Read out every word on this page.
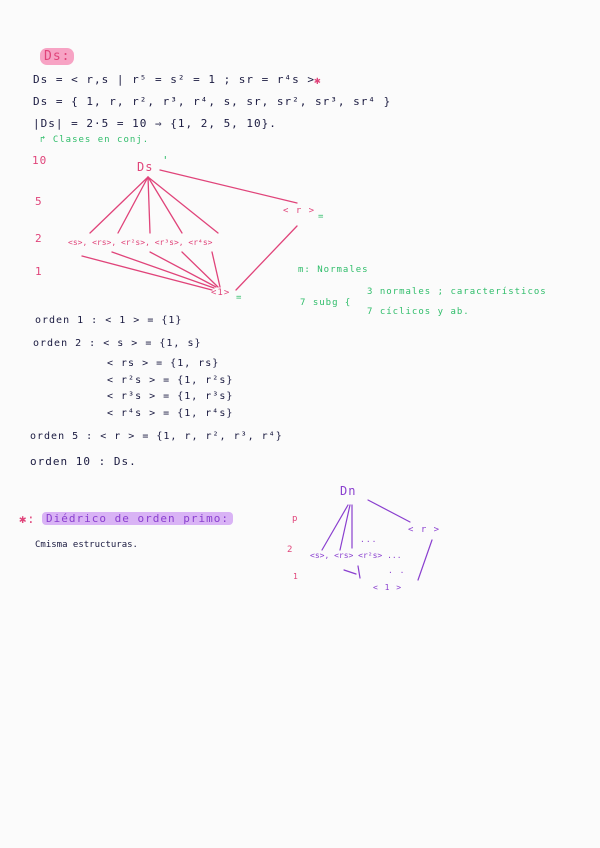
Ds:
Ds = < r,s | r⁵ = s² = 1 ; sr = r⁴s >
✱
Ds = { 1, r, r², r³, r⁴, s, sr, sr², sr³, sr⁴ }
|Ds| = 2·5 = 10 ⇒ {1, 2, 5, 10}.
↱ Clases en conj.
10
5
2
1
Ds '
< r >
=
<s>, <rs>, <r²s>, <r³s>, <r⁴s>
<1> =
m: Normales
7 subg {
3 normales ; característicos
7 cíclicos y ab.
orden 1 : < 1 > = {1}
orden 2 : < s > = {1, s}
< rs > = {1, rs}
< r²s > = {1, r²s}
< r³s > = {1, r³s}
< r⁴s > = {1, r⁴s}
orden 5 : < r > = {1, r, r², r³, r⁴}
orden 10 : Ds.
✱: Diédrico de orden primo:
Cmisma estructuras.
Dn
p
2
1
< r >
...
<s>, <rs> <r²s> ...
. .
< 1 >
